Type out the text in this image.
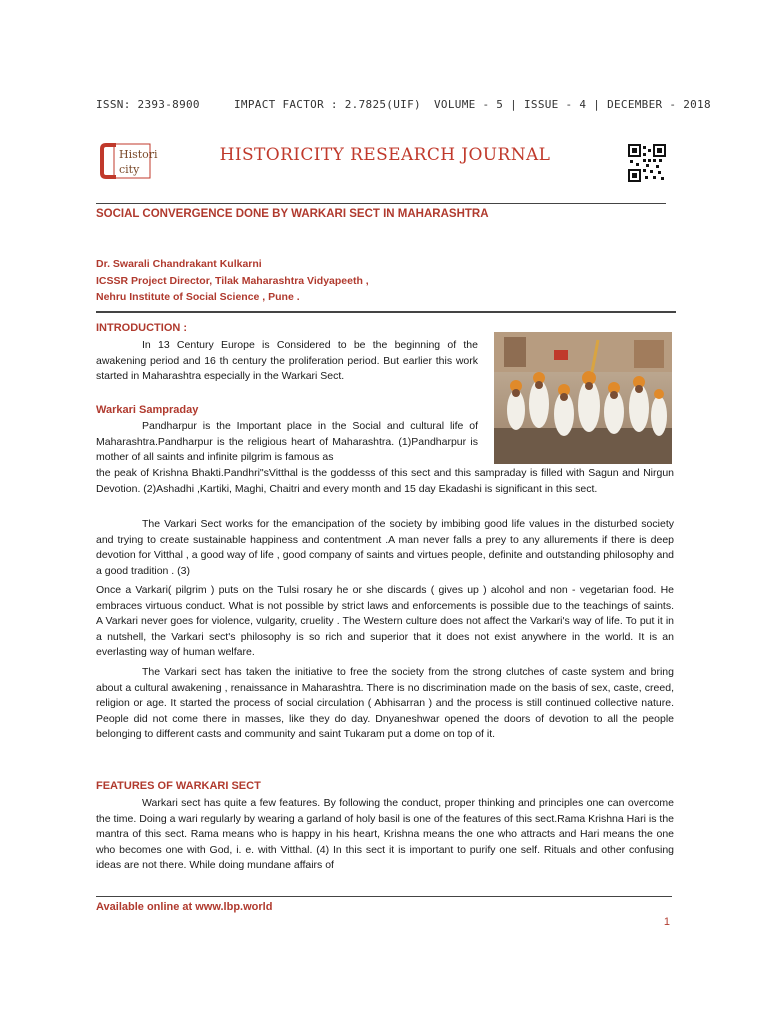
ISSN: 2393-8900	IMPACT FACTOR : 2.7825(UIF) VOLUME - 5 | ISSUE - 4 | DECEMBER - 2018
Histori
city
HISTORICITY RESEARCH JOURNAL
SOCIAL CONVERGENCE DONE BY WARKARI SECT IN MAHARASHTRA
Dr. Swarali Chandrakant Kulkarni
ICSSR Project Director, Tilak Maharashtra Vidyapeeth ,
Nehru Institute of Social Science , Pune .
INTRODUCTION :
In 13 Century Europe is Considered to be the beginning of the awakening period and 16 th century the proliferation period. But earlier this work started in Maharashtra especially in the Warkari Sect.
Warkari Sampraday
Pandharpur is the Important place in the Social and cultural life of Maharashtra.Pandharpur is the religious heart of Maharashtra. (1)Pandharpur is mother of all saints and infinite pilgrim is famous as
the peak of Krishna Bhakti.Pandhri"sVitthal is the goddesss of this sect and this sampraday is filled with Sagun and Nirgun Devotion. (2)Ashadhi ,Kartiki, Maghi, Chaitri and every month and 15 day Ekadashi is significant in this sect.
The Varkari Sect works for the emancipation of the society by imbibing good life values in the disturbed society and trying to create sustainable happiness and contentment .A man never falls a prey to any allurements if there is deep devotion for Vitthal , a good way of life , good company of saints and virtues people, definite and outstanding philosophy and a good tradition . (3)
Once a Varkari( pilgrim ) puts on the Tulsi rosary he or she discards ( gives up ) alcohol and non - vegetarian food. He embraces virtuous conduct. What is not possible by strict laws and enforcements is possible due to the teachings of saints. A Varkari never goes for violence, vulgarity, cruelity . The Western culture does not affect the Varkari's way of life. To put it in a nutshell, the Varkari sect's philosophy is so rich and superior that it does not exist anywhere in the world. It is an everlasting way of human welfare.
The Varkari sect has taken the initiative to free the society from the strong clutches of caste system and bring about a cultural awakening , renaissance in Maharashtra. There is no discrimination made on the basis of sex, caste, creed, religion or age. It started the process of social circulation ( Abhisarran ) and the process is still continued collective nature. People did not come there in masses, like they do day. Dnyaneshwar opened the doors of devotion to all the people belonging to different casts and community and saint Tukaram put a dome on top of it.
FEATURES OF WARKARI SECT
Warkari sect has quite a few features. By following the conduct, proper thinking and principles one can overcome the time. Doing a wari regularly by wearing a garland of holy basil is one of the features of this sect.Rama Krishna Hari is the mantra of this sect. Rama means who is happy in his heart, Krishna means the one who attracts and Hari means the one who becomes one with God, i. e. with Vitthal. (4) In this sect it is important to purify one self. Rituals and other confusing ideas are not there. While doing mundane affairs of
Available online at www.lbp.world
1
